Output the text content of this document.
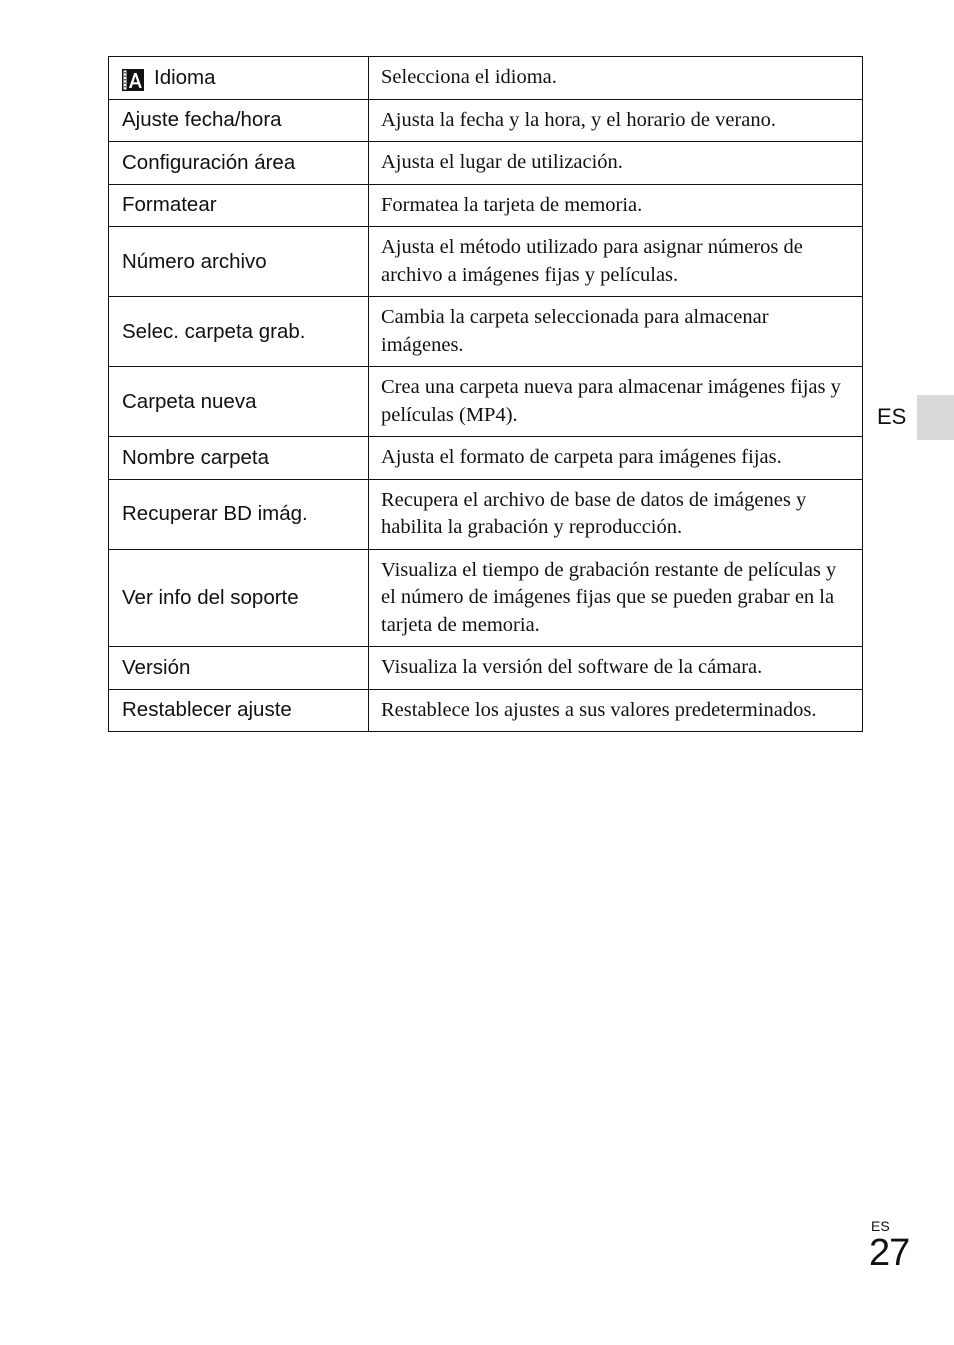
Idioma	Selecciona el idioma.
Ajuste fecha/hora	Ajusta la fecha y la hora, y el horario de verano.
Configuración área	Ajusta el lugar de utilización.
Formatear	Formatea la tarjeta de memoria.
Número archivo	Ajusta el método utilizado para asignar números de archivo a imágenes fijas y películas.
Selec. carpeta grab.	Cambia la carpeta seleccionada para almacenar imágenes.
Carpeta nueva	Crea una carpeta nueva para almacenar imágenes fijas y películas (MP4).
Nombre carpeta	Ajusta el formato de carpeta para imágenes fijas.
Recuperar BD imág.	Recupera el archivo de base de datos de imágenes y habilita la grabación y reproducción.
Ver info del soporte	Visualiza el tiempo de grabación restante de películas y el número de imágenes fijas que se pueden grabar en la tarjeta de memoria.
Versión	Visualiza la versión del software de la cámara.
Restablecer ajuste	Restablece los ajustes a sus valores predeterminados.
ES
ES
27
